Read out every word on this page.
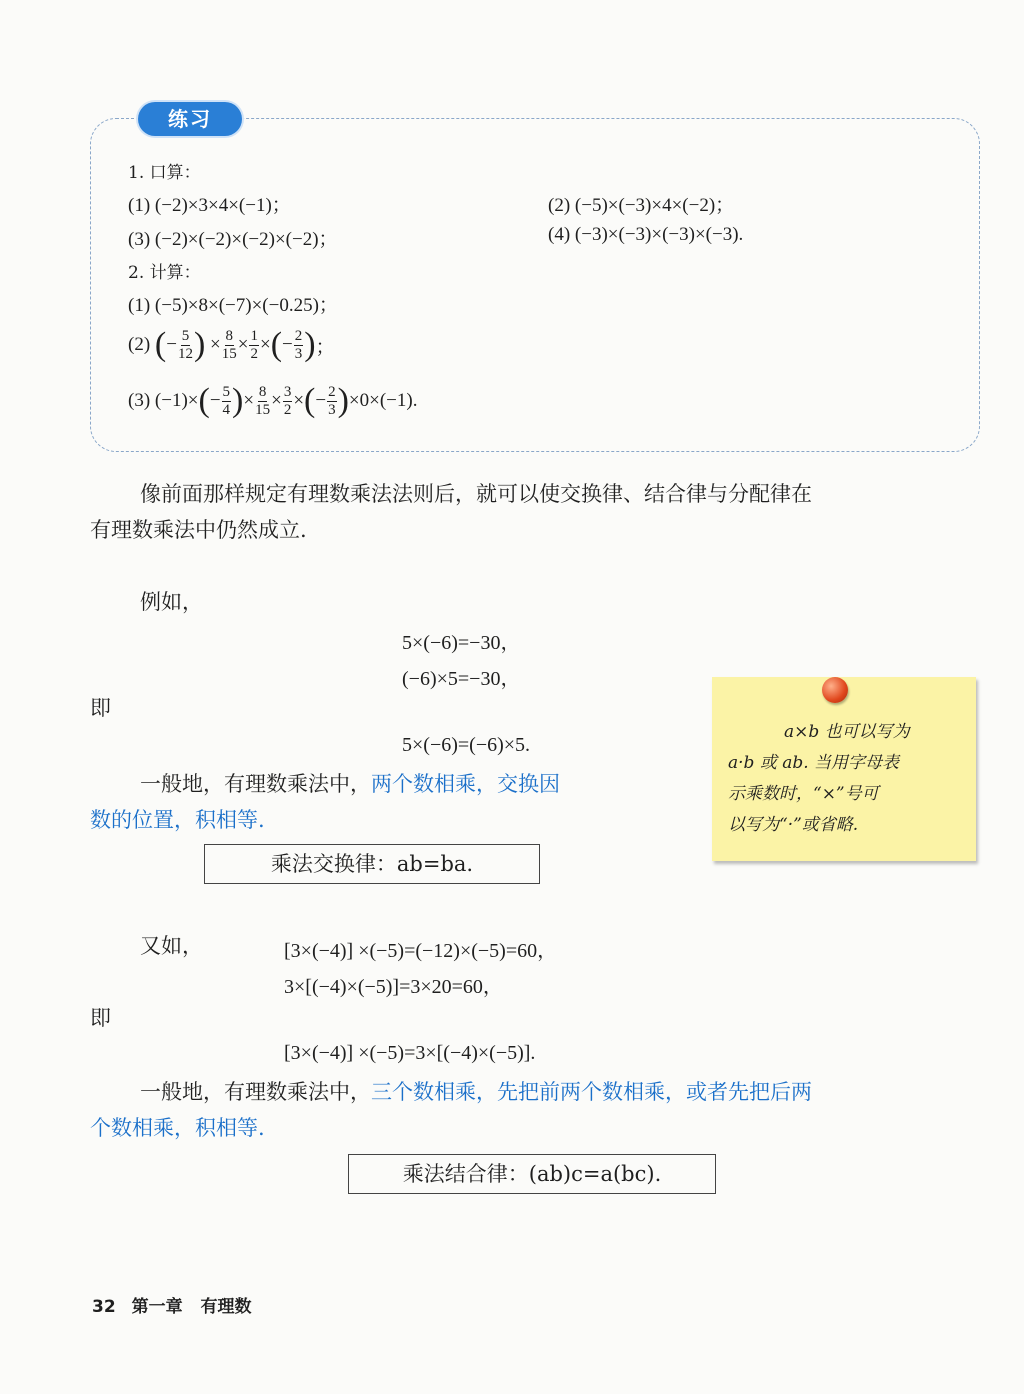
练习
1. 口算：
(1) (−2)×3×4×(−1)；	(2) (−5)×(−3)×4×(−2)；
(3) (−2)×(−2)×(−2)×(−2)；	(4) (−3)×(−3)×(−3)×(−3).
2. 计算：
(1) (−5)×8×(−7)×(−0.25)；
(2)
( − $\frac{5}{12}$ ) × $\frac{8}{15} \times \frac{1}{2}$ × ( − $\frac{2}{3}$ ) ；
(3) (−1)× ( − $\frac{5}{4}$ ) × $\frac{8}{15} \times \frac{3}{2}$ × ( − $\frac{2}{3}$ ) ×0×(−1).
像前面那样规定有理数乘法法则后，就可以使交换律、结合律与分配律在
有理数乘法中仍然成立.
例如，
5×(−6)=−30，
(−6)×5=−30，
即
5×(−6)=(−6)×5.
一般地，有理数乘法中，两个数相乘，交换因
数的位置，积相等.
乘法交换律：ab=ba.
a×b 也可以写为
a·b 或 ab. 当用字母表
示乘数时，“×”号可
以写为“·”或省略.
又如，	[3×(−4)] ×(−5)=(−12)×(−5)=60，
3×[(−4)×(−5)]=3×20=60，
即
[3×(−4)] ×(−5)=3×[(−4)×(−5)].
一般地，有理数乘法中，三个数相乘，先把前两个数相乘，或者先把后两
个数相乘，积相等.
乘法结合律：(ab)c=a(bc).
32 第一章 有理数
